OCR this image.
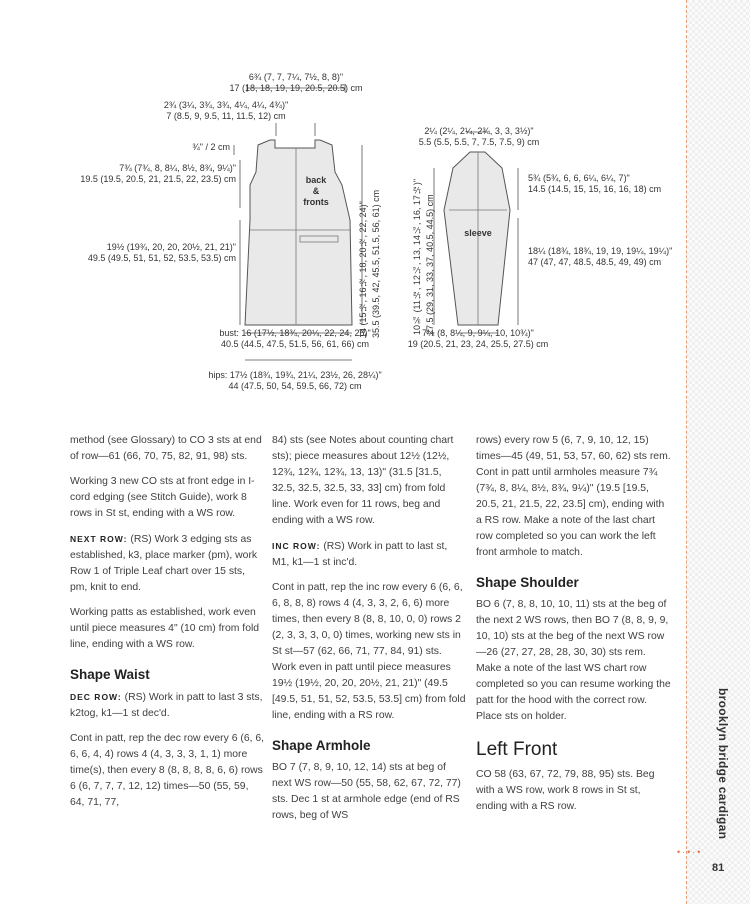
brooklyn bridge cardigan
•·•·•
81
6¾ (7, 7, 7¼, 7½, 8, 8)"
17 (18, 18, 19, 19, 20.5, 20.5) cm
2¾ (3¼, 3¾, 3¾, 4¼, 4¼, 4¾)"
7 (8.5, 9, 9.5, 11, 11.5, 12) cm
¾" / 2 cm
7¾ (7¾, 8, 8¼, 8½, 8¾, 9¼)"
19.5 (19.5, 20.5, 21, 21.5, 22, 23.5) cm
19½ (19¾, 20, 20, 20½, 21, 21)"
49.5 (49.5, 51, 51, 52, 53.5, 53.5) cm	14 (15½, 16½, 18, 20½, 22, 24)" 35.5 (39.5, 42, 45.5, 51.5, 56, 61) cm
back
&
fronts
bust: 16 (17½, 18¾, 20¼, 22, 24, 26)"
40.5 (44.5, 47.5, 51.5, 56, 61, 66) cm
hips: 17½ (18¾, 19¾, 21¼, 23½, 26, 28¼)"
44 (47.5, 50, 54, 59.5, 66, 72) cm
2¼ (2¼, 2¼, 2¾, 3, 3, 3½)"
5.5 (5.5, 5.5, 7, 7.5, 7.5, 9) cm
5¾ (5¾, 6, 6, 6¼, 6¼, 7)"
14.5 (14.5, 15, 15, 16, 16, 18) cm
18¼ (18¾, 18¾, 19, 19, 19¼, 19¼)"
47 (47, 47, 48.5, 48.5, 49, 49) cm
10¾ (11½, 12¼, 13, 14¼, 16, 17½)" 27.5 (29, 31, 33, 37, 40.5, 44.5) cm	sleeve
7½ (8, 8¼, 9, 9¼, 10, 10¾)"
19 (20.5, 21, 23, 24, 25.5, 27.5) cm

method (see Glossary) to CO 3 sts at end of row—61 (66, 70, 75, 82, 91, 98) sts.

Working 3 new CO sts at front edge in I-cord edging (see Stitch Guide), work 8 rows in St st, ending with a WS row.

NEXT ROW: (RS) Work 3 edging sts as established, k3, place marker (pm), work Row 1 of Triple Leaf chart over 15 sts, pm, knit to end.

Working patts as established, work even until piece measures 4" (10 cm) from fold line, ending with a WS row.

Shape Waist

DEC ROW: (RS) Work in patt to last 3 sts, k2tog, k1—1 st dec'd.

Cont in patt, rep the dec row every 6 (6, 6, 6, 6, 4, 4) rows 4 (4, 3, 3, 3, 1, 1) more time(s), then every 8 (8, 8, 8, 8, 6, 6) rows 6 (6, 7, 7, 7, 12, 12) times—50 (55, 59, 64, 71, 77,

84) sts (see Notes about counting chart sts); piece measures about 12½ (12½, 12¾, 12¾, 12¾, 13, 13)" (31.5 [31.5, 32.5, 32.5, 32.5, 33, 33] cm) from fold line. Work even for 11 rows, beg and ending with a WS row.

INC ROW: (RS) Work in patt to last st, M1, k1—1 st inc'd.

Cont in patt, rep the inc row every 6 (6, 6, 6, 8, 8, 8) rows 4 (4, 3, 3, 2, 6, 6) more times, then every 8 (8, 8, 10, 0, 0) rows 2 (2, 3, 3, 3, 0, 0) times, working new sts in St st—57 (62, 66, 71, 77, 84, 91) sts. Work even in patt until piece measures 19½ (19½, 20, 20, 20½, 21, 21)" (49.5 [49.5, 51, 51, 52, 53.5, 53.5] cm) from fold line, ending with a RS row.

Shape Armhole

BO 7 (7, 8, 9, 10, 12, 14) sts at beg of next WS row—50 (55, 58, 62, 67, 72, 77) sts. Dec 1 st at armhole edge (end of RS rows, beg of WS

rows) every row 5 (6, 7, 9, 10, 12, 15) times—45 (49, 51, 53, 57, 60, 62) sts rem. Cont in patt until armholes measure 7¾ (7¾, 8, 8¼, 8½, 8¾, 9¼)" (19.5 [19.5, 20.5, 21, 21.5, 22, 23.5] cm), ending with a RS row. Make a note of the last chart row completed so you can work the left front armhole to match.

Shape Shoulder

BO 6 (7, 8, 8, 10, 10, 11) sts at the beg of the next 2 WS rows, then BO 7 (8, 8, 9, 9, 10, 10) sts at the beg of the next WS row—26 (27, 27, 28, 28, 30, 30) sts rem. Make a note of the last WS chart row completed so you can resume working the patt for the hood with the correct row. Place sts on holder.

Left Front

CO 58 (63, 67, 72, 79, 88, 95) sts. Beg with a WS row, work 8 rows in St st, ending with a RS row.
